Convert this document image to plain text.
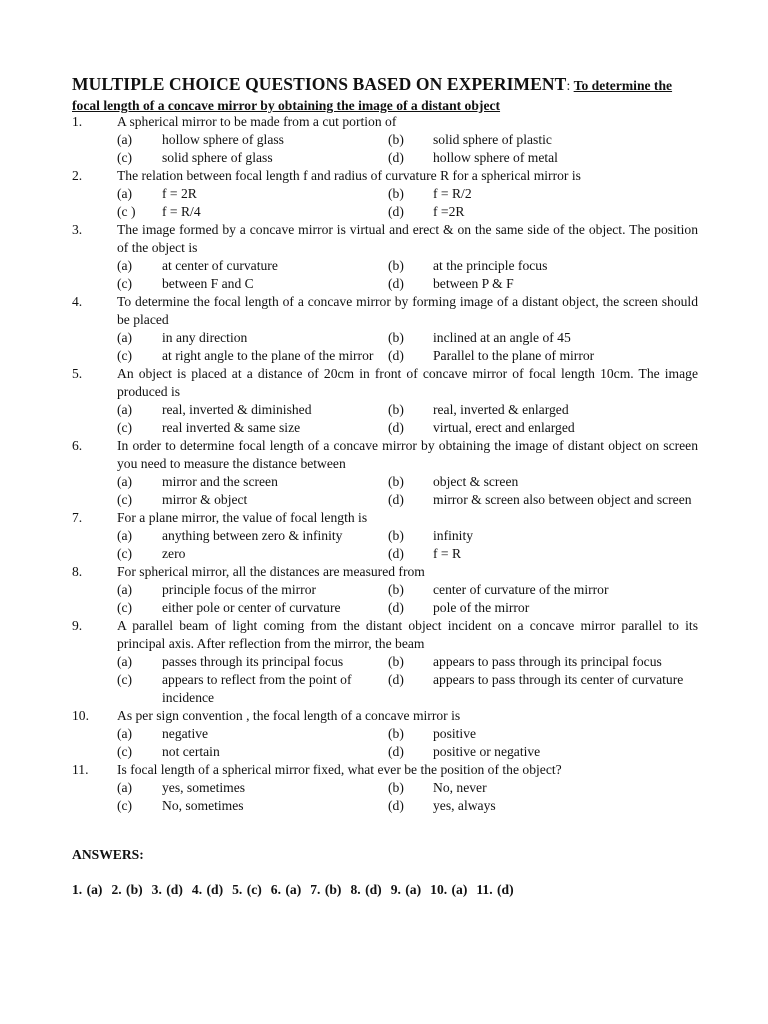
MULTIPLE CHOICE QUESTIONS BASED ON EXPERIMENT: To determine the focal length of a concave mirror by obtaining the image of a distant object
1.	A spherical mirror to be made from a cut portion of
(a)	hollow sphere of glass	(b)	solid sphere of plastic
(c)	solid sphere of glass	(d)	hollow sphere of metal
2.	The relation between focal length f and radius of curvature R for a spherical mirror is
(a)	f = 2R	(b)	f = R/2
(c )	f = R/4	(d)	f =2R
3.	The image formed by a concave mirror is virtual and erect & on the same side of the object. The position of the object is
(a)	at center of curvature	(b)	at the principle focus
(c)	between F and C	(d)	between P & F
4.	To determine the focal length of a concave mirror by forming image of a distant object, the screen should be placed
(a)	in any direction	(b)	inclined at an angle of 45
(c)	at right angle to the plane of the mirror	(d)	Parallel to the plane of mirror
5.	An object is placed at a distance of 20cm in front of concave mirror of focal length 10cm. The image produced is
(a)	real, inverted & diminished	(b)	real, inverted & enlarged
(c)	real inverted & same size	(d)	virtual, erect and enlarged
6.	In order to determine focal length of a concave mirror by obtaining the image of distant object on screen you need to measure the distance between
(a)	mirror and the screen	(b)	object & screen
(c)	mirror & object	(d)	mirror & screen also between object and screen
7.	For a plane mirror, the value of focal length is
(a)	anything between zero & infinity	(b)	infinity
(c)	zero	(d)	f = R
8.	For spherical mirror, all the distances are measured from
(a)	principle focus of the mirror	(b)	center of curvature of the mirror
(c)	either pole or center of curvature	(d)	pole of the mirror
9.	A parallel beam of light coming from the distant object incident on a concave mirror parallel to its principal axis. After reflection from the mirror, the beam
(a)	passes through its principal focus	(b)	appears to pass through its principal focus
(c)	appears to reflect from the point of incidence
(d)	appears to pass through its center of curvature
10.	As per sign convention , the focal length of a concave mirror is
(a)	negative	(b)	positive
(c)	not certain	(d)	positive or negative
11.	Is focal length of a spherical mirror fixed, what ever be the position of the object?
(a)	yes, sometimes	(b)	No, never
(c)	No, sometimes	(d)	yes, always
ANSWERS:
1. (a) 2. (b) 3. (d) 4. (d) 5. (c) 6. (a) 7. (b) 8. (d) 9. (a) 10. (a) 11. (d)
